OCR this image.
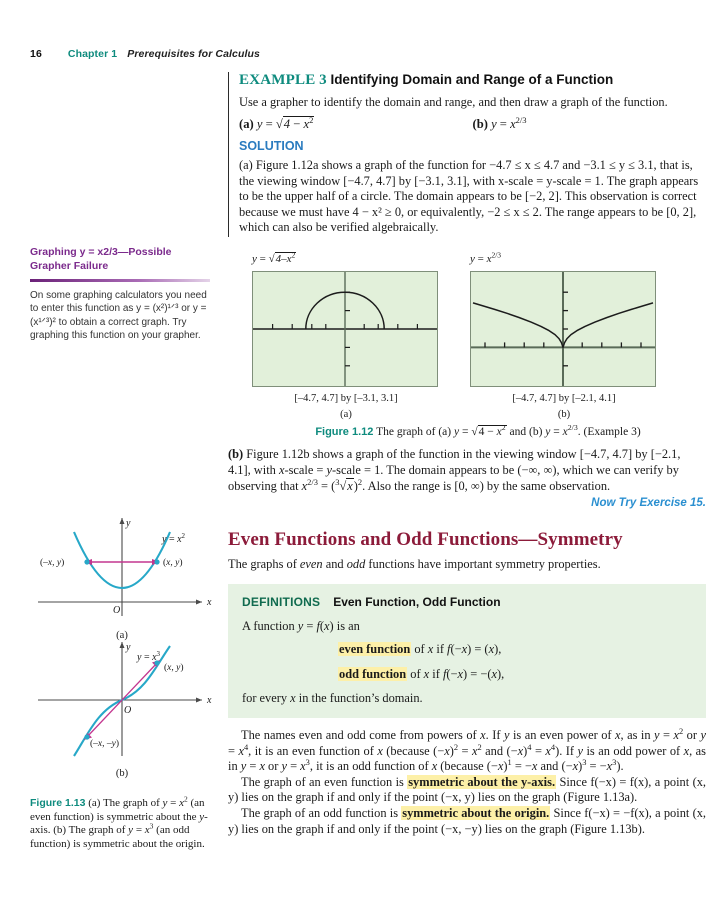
16 Chapter 1 Prerequisites for Calculus
EXAMPLE 3 Identifying Domain and Range of a Function

Use a grapher to identify the domain and range, and then draw a graph of the function.

(a) $y = √4 - x^2$	(b) $y = x^{2/3}$
SOLUTION

(a) Figure 1.12a shows a graph of the function for −4.7 ≤ x ≤ 4.7 and −3.1 ≤ y ≤ 3.1, that is, the viewing window [−4.7, 4.7] by [−3.1, 3.1], with x-scale = y-scale = 1. The graph appears to be the upper half of a circle. The domain appears to be [−2, 2]. This observation is correct because we must have 4 − x² ≥ 0, or equivalently, −2 ≤ x ≤ 2. The range appears to be [0, 2], which can also be verified algebraically.

Graphing y = x2/3—Possible
Grapher Failure

On some graphing calculators you need to enter this function as y = (x²)¹ᐟ³ or y = (x¹ᐟ³)² to obtain a correct graph. Try graphing this function on your grapher.

$y = √4-x^2$
[–4.7, 4.7] by [–3.1, 3.1]
(a)
$y = x^{2/3}$
[–4.7, 4.7] by [–2.1, 4.1]
(b)
Figure 1.12 The graph of (a) $y = √4 - x^2$ and (b) $y = x^{2/3}$. (Example 3)
(b) Figure 1.12b shows a graph of the function in the viewing window [−4.7, 4.7] by [−2.1, 4.1], with x-scale = y-scale = 1. The domain appears to be (−∞, ∞), which we can verify by observing that $x^{2/3} = (^3√x)^2$. Also the range is [0, ∞) by the same observation.
Now Try Exercise 15.
Even Functions and Odd Functions—Symmetry
The graphs of even and odd functions have important symmetry properties.
DEFINITIONS Even Function, Odd Function
A function y = f(x) is an
even function of x if f(−x) = (x),
odd function of x if f(−x) = −(x),
for every x in the function’s domain.

The names even and odd come from powers of x. If y is an even power of x, as in $y = x^2$ or $y = x^4$, it is an even function of x (because $(-x)^2 = x^2$ and $(-x)^4 = x^4$). If y is an odd power of x, as in y = x or $y = x^3$, it is an odd function of x (because $(-x)^1 = -x$ and $(-x)^3 = -x^3$).

The graph of an even function is symmetric about the y-axis. Since f(−x) = f(x), a point (x, y) lies on the graph if and only if the point (−x, y) lies on the graph (Figure 1.13a).

The graph of an odd function is symmetric about the origin. Since f(−x) = −f(x), a point (x, y) lies on the graph if and only if the point (−x, −y) lies on the graph (Figure 1.13b).

y
x
O
$y = x^2$
(–x, y)	(x, y)
(a)
y
x
O
$y = x^3$
(x, y)
(–x, –y)
(b)
Figure 1.13 (a) The graph of $y = x^2$ (an even function) is symmetric about the y-axis. (b) The graph of $y = x^3$ (an odd function) is symmetric about the origin.
